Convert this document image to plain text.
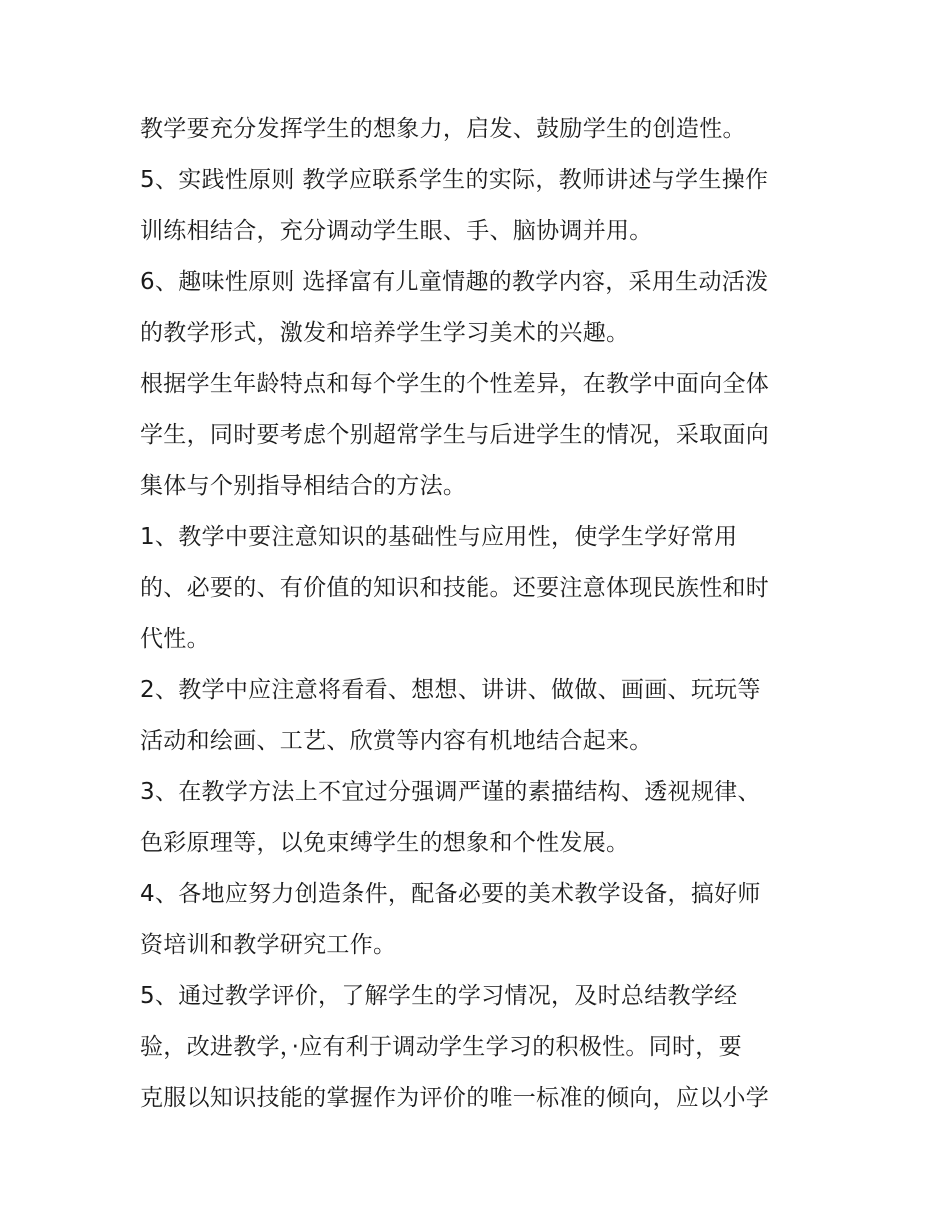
教学要充分发挥学生的想象力，启发、鼓励学生的创造性。
5、实践性原则 教学应联系学生的实际，教师讲述与学生操作
训练相结合，充分调动学生眼、手、脑协调并用。
6、趣味性原则 选择富有儿童情趣的教学内容，采用生动活泼
的教学形式，激发和培养学生学习美术的兴趣。
根据学生年龄特点和每个学生的个性差异，在教学中面向全体
学生，同时要考虑个别超常学生与后进学生的情况，采取面向
集体与个别指导相结合的方法。
1、教学中要注意知识的基础性与应用性，使学生学好常用
的、必要的、有价值的知识和技能。还要注意体现民族性和时
代性。
2、教学中应注意将看看、想想、讲讲、做做、画画、玩玩等
活动和绘画、工艺、欣赏等内容有机地结合起来。
3、在教学方法上不宜过分强调严谨的素描结构、透视规律、
色彩原理等，以免束缚学生的想象和个性发展。
4、各地应努力创造条件，配备必要的美术教学设备，搞好师
资培训和教学研究工作。
5、通过教学评价，了解学生的学习情况，及时总结教学经
验，改进教学，·应有利于调动学生学习的积极性。同时，要
克服以知识技能的掌握作为评价的唯一标准的倾向，应以小学
